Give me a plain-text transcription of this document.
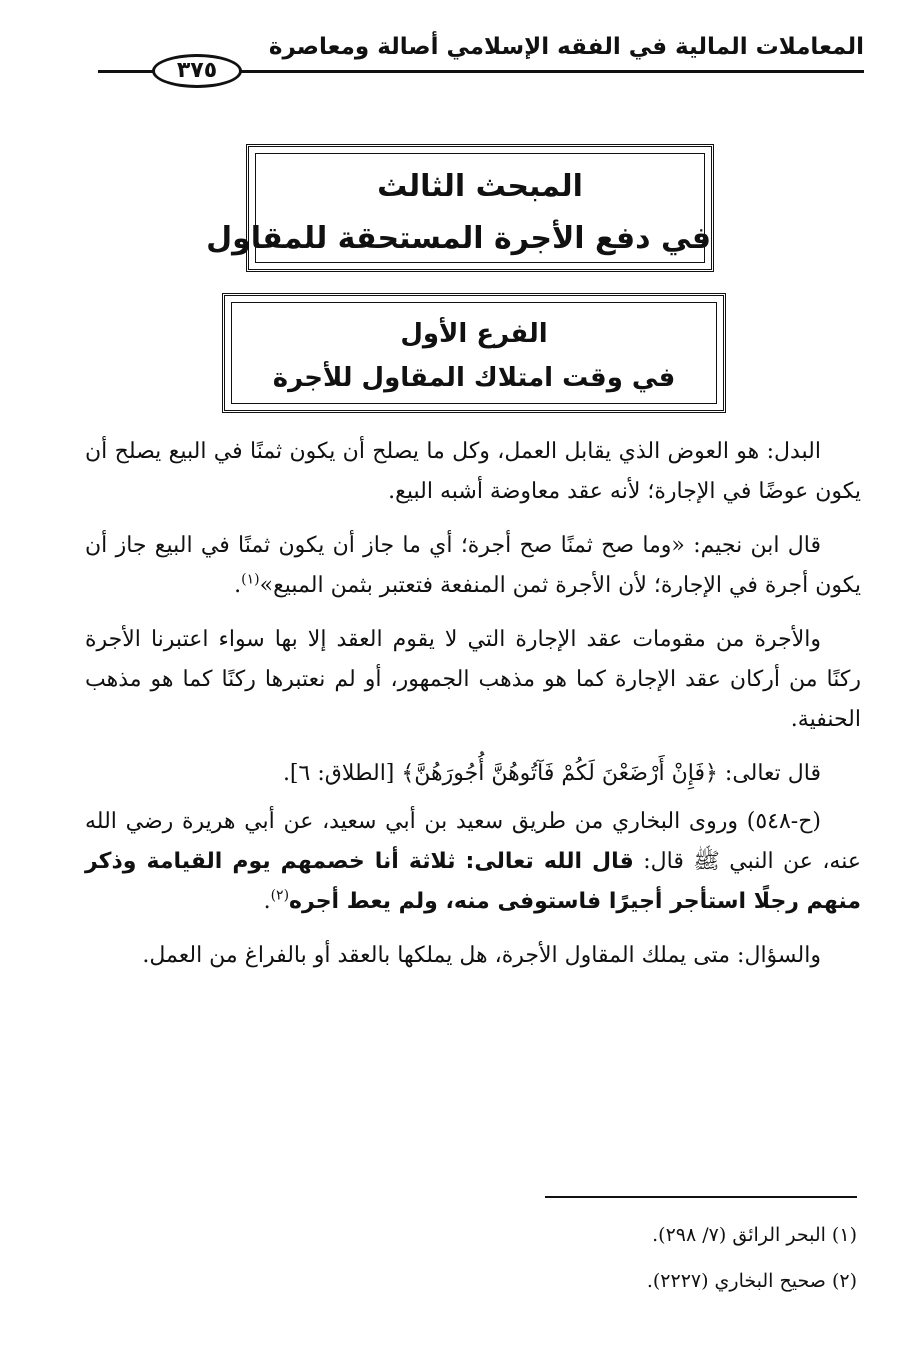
المعاملات المالية في الفقه الإسلامي أصالة ومعاصرة
٣٧٥
المبحث الثالث
في دفع الأجرة المستحقة للمقاول
الفرع الأول
في وقت امتلاك المقاول للأجرة

البدل: هو العوض الذي يقابل العمل، وكل ما يصلح أن يكون ثمنًا في البيع يصلح أن يكون عوضًا في الإجارة؛ لأنه عقد معاوضة أشبه البيع.

قال ابن نجيم: «وما صح ثمنًا صح أجرة؛ أي ما جاز أن يكون ثمنًا في البيع جاز أن يكون أجرة في الإجارة؛ لأن الأجرة ثمن المنفعة فتعتبر بثمن المبيع»$^{(١)}$.

والأجرة من مقومات عقد الإجارة التي لا يقوم العقد إلا بها سواء اعتبرنا الأجرة ركنًا من أركان عقد الإجارة كما هو مذهب الجمهور، أو لم نعتبرها ركنًا كما هو مذهب الحنفية.

قال تعالى: ﴿فَإِنْ أَرْضَعْنَ لَكُمْ فَآتُوهُنَّ أُجُورَهُنَّ﴾ [الطلاق: ٦].

(ح-٥٤٨) وروى البخاري من طريق سعيد بن أبي سعيد، عن أبي هريرة رضي الله عنه، عن النبي ﷺ قال: قال الله تعالى: ثلاثة أنا خصمهم يوم القيامة وذكر منهم رجلًا استأجر أجيرًا فاستوفى منه، ولم يعط أجره$^{(٢)}$.

والسؤال: متى يملك المقاول الأجرة، هل يملكها بالعقد أو بالفراغ من العمل.

(١) البحر الرائق (٧/ ٢٩٨).
(٢) صحيح البخاري (٢٢٢٧).
